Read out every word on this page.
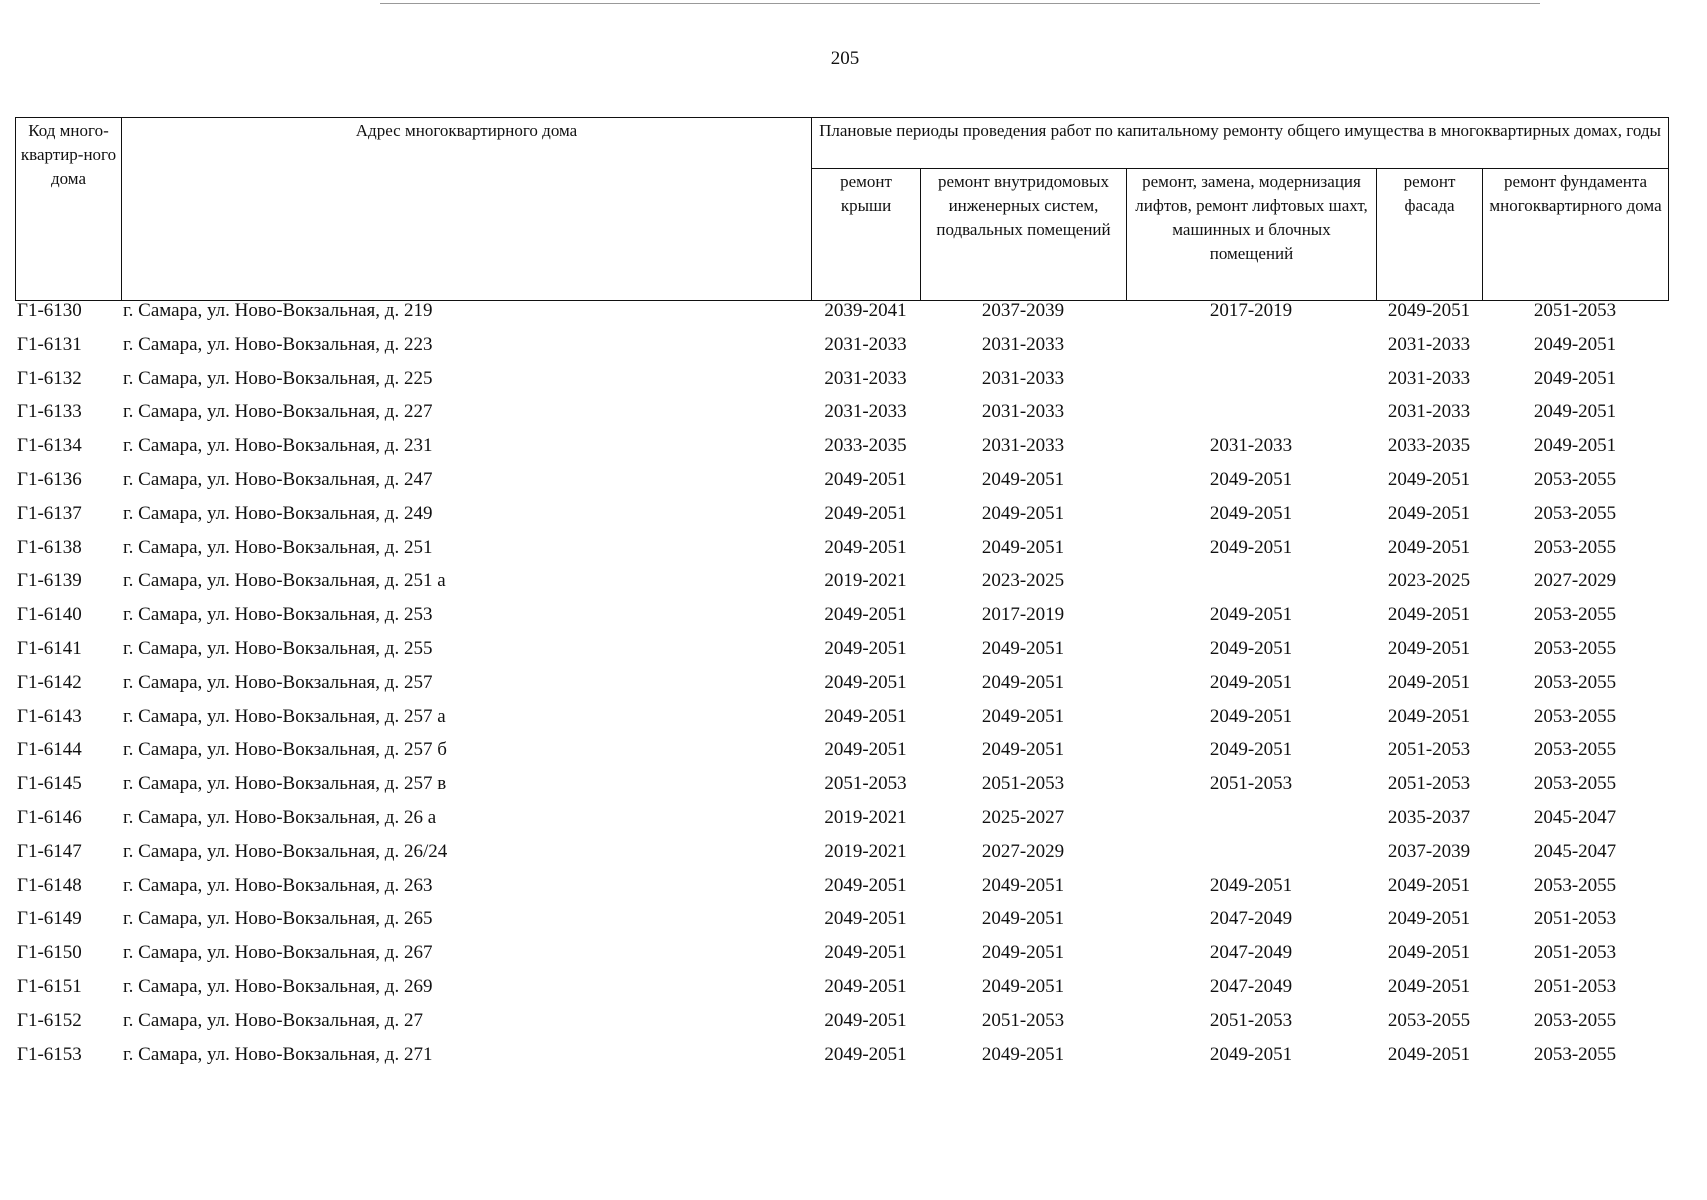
205
Код много-квартир-ного дома	Адрес многоквартирного дома	Плановые периоды проведения работ по капитальному ремонту общего имущества в многоквартирных домах, годы				
		ремонт крыши	ремонт внутридомовых инженерных систем, подвальных помещений	ремонт, замена, модернизация лифтов, ремонт лифтовых шахт, машинных и блочных помещений	ремонт фасада	ремонт фундамента многоквартирного дома
Г1-6130	г. Самара, ул. Ново-Вокзальная, д. 219	2039-2041	2037-2039	2017-2019	2049-2051	2051-2053
Г1-6131	г. Самара, ул. Ново-Вокзальная, д. 223	2031-2033	2031-2033		2031-2033	2049-2051
Г1-6132	г. Самара, ул. Ново-Вокзальная, д. 225	2031-2033	2031-2033		2031-2033	2049-2051
Г1-6133	г. Самара, ул. Ново-Вокзальная, д. 227	2031-2033	2031-2033		2031-2033	2049-2051
Г1-6134	г. Самара, ул. Ново-Вокзальная, д. 231	2033-2035	2031-2033	2031-2033	2033-2035	2049-2051
Г1-6136	г. Самара, ул. Ново-Вокзальная, д. 247	2049-2051	2049-2051	2049-2051	2049-2051	2053-2055
Г1-6137	г. Самара, ул. Ново-Вокзальная, д. 249	2049-2051	2049-2051	2049-2051	2049-2051	2053-2055
Г1-6138	г. Самара, ул. Ново-Вокзальная, д. 251	2049-2051	2049-2051	2049-2051	2049-2051	2053-2055
Г1-6139	г. Самара, ул. Ново-Вокзальная, д. 251 а	2019-2021	2023-2025		2023-2025	2027-2029
Г1-6140	г. Самара, ул. Ново-Вокзальная, д. 253	2049-2051	2017-2019	2049-2051	2049-2051	2053-2055
Г1-6141	г. Самара, ул. Ново-Вокзальная, д. 255	2049-2051	2049-2051	2049-2051	2049-2051	2053-2055
Г1-6142	г. Самара, ул. Ново-Вокзальная, д. 257	2049-2051	2049-2051	2049-2051	2049-2051	2053-2055
Г1-6143	г. Самара, ул. Ново-Вокзальная, д. 257 а	2049-2051	2049-2051	2049-2051	2049-2051	2053-2055
Г1-6144	г. Самара, ул. Ново-Вокзальная, д. 257 б	2049-2051	2049-2051	2049-2051	2051-2053	2053-2055
Г1-6145	г. Самара, ул. Ново-Вокзальная, д. 257 в	2051-2053	2051-2053	2051-2053	2051-2053	2053-2055
Г1-6146	г. Самара, ул. Ново-Вокзальная, д. 26 а	2019-2021	2025-2027		2035-2037	2045-2047
Г1-6147	г. Самара, ул. Ново-Вокзальная, д. 26/24	2019-2021	2027-2029		2037-2039	2045-2047
Г1-6148	г. Самара, ул. Ново-Вокзальная, д. 263	2049-2051	2049-2051	2049-2051	2049-2051	2053-2055
Г1-6149	г. Самара, ул. Ново-Вокзальная, д. 265	2049-2051	2049-2051	2047-2049	2049-2051	2051-2053
Г1-6150	г. Самара, ул. Ново-Вокзальная, д. 267	2049-2051	2049-2051	2047-2049	2049-2051	2051-2053
Г1-6151	г. Самара, ул. Ново-Вокзальная, д. 269	2049-2051	2049-2051	2047-2049	2049-2051	2051-2053
Г1-6152	г. Самара, ул. Ново-Вокзальная, д. 27	2049-2051	2051-2053	2051-2053	2053-2055	2053-2055
Г1-6153	г. Самара, ул. Ново-Вокзальная, д. 271	2049-2051	2049-2051	2049-2051	2049-2051	2053-2055
